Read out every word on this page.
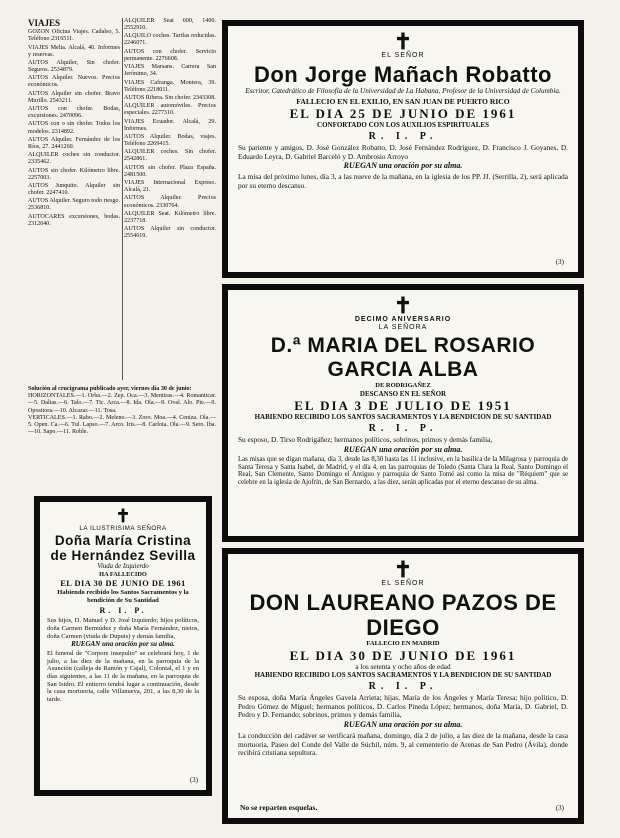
VIAJES

GOZON Oficina Viajes. Cadalso, 5. Teléfono 2316511.

VIAJES Melia. Alcalá, 40. Informes y reservas.

AUTOS Alquiler, Sin chofer. Seguros. 2534879.

AUTOS Alquiler. Nuevos. Precios económicos.

AUTOS Alquiler sin chofer. Bravo Murillo. 2543211.

AUTOS con chofer. Bodas, excursiones. 2470096.

AUTOS con o sin chofer. Todos los modelos. 2314892.

AUTOS Alquiler. Fernández de los Ríos, 27. 2441260.

ALQUILER coches sin conductor. 2335462.

AUTOS sin chofer. Kilómetro libre. 2257003.

AUTOS Junquito. Alquiler sin chofer. 2247410.

AUTOS Alquiler. Seguro todo riesgo. 2536810.

AUTOCARES excursiones, bodas. 2312040.

ALQUILER Seat 600, 1400. 2552910.

ALQUILO coches. Tarifas reducidas. 2246071.

AUTOS con chofer. Servicio permanente. 2276608.

VIAJES Marsans. Carrera San Jerónimo, 34.

VIAJES Cafranga. Montera, 39. Teléfono 2218011.

AUTOS Ribera. Sin chofer. 2343308.

ALQUILER automóviles. Precios especiales. 2277310.

VIAJES Ecuador. Alcalá, 29. Informes.

AUTOS Alquiler. Bodas, viajes. Teléfono 2269415.

ALQUILER coches. Sin chofer. 2542861.

AUTOS sin chofer. Plaza España. 2481500.

VIAJES Internacional Expreso. Alcalá, 21.

AUTOS Alquiler. Precios económicos. 2330764.

ALQUILER Seat. Kilómetro libre. 2237718.

AUTOS Alquiler sin conductor. 2554619.

Solución al crucigrama publicado ayer, viernes día 30 de junio:

HORIZONTALES.—1. Orba.—2. Zep. Oca.—3. Mentiras.—4. Romanticar.—5. Dalias.—6. Talo.—7. Tic. Arca.—8. Ida. Ola.—9. Oval. Alo. Pie.—9. Opositora.—10. Alcazar.—11. Tosa.

VERTICALES.—1. Rabo.—2. Meleno.—3. Zoro. Moa.—4. Ceniza. Ola.—5. Open. Ca.—6. Tul. Lapso.—7. Arco. Iris.—8. Carlota. Ola.—9. Sero. Iba.—10. Sapo.—11. Roble.

✝
EL SEÑOR
Don Jorge Mañach Robatto
Escritor, Catedrático de Filosofía de la Universidad de La Habana, Profesor de la Universidad de Columbia.
FALLECIO EN EL EXILIO, EN SAN JUAN DE PUERTO RICO
EL DIA 25 DE JUNIO DE 1961
CONFORTADO CON LOS AUXILIOS ESPIRITUALES
R. I. P.
Su pariente y amigos, D. José González Robatto, D. José Fernández Rodríguez, D. Francisco J. Goyanes, D. Eduardo Leyra, D. Gabriel Barceló y D. Ambrosio Arroyo
RUEGAN una oración por su alma.
La misa del próximo lunes, día 3, a las nueve de la mañana, en la iglesia de los PP. JJ. (Serrilla, 2), será aplicada por su eterno descanso.
(3)
✝
DECIMO ANIVERSARIO
LA SEÑORA
D.ª MARIA DEL ROSARIO GARCIA ALBA
DE RODRIGAÑEZ
DESCANSO EN EL SEÑOR
EL DIA 3 DE JULIO DE 1951
HABIENDO RECIBIDO LOS SANTOS SACRAMENTOS Y LA BENDICION DE SU SANTIDAD
R. I. P.
Su esposo, D. Tirso Rodrigáñez; hermanos políticos, sobrinos, primos y demás familia,
RUEGAN una oración por su alma.
Las misas que se digan mañana, día 3, desde las 8,30 hasta las 11 inclusive, en la basílica de la Milagrosa y parroquia de Santa Teresa y Santa Isabel, de Madrid, y el día 4, en las parroquias de Toledo (Santa Clara la Real, Santo Domingo el Real, San Clemente, Santo Domingo el Antiguo y parroquia de Santo Tomé así como la misa de "Réquiem" que se celebre en la iglesia de Ajofrín, de San Bernardo, a las diez, serán aplicadas por el eterno descanso de su alma.
✝
EL SEÑOR
DON LAUREANO PAZOS DE DIEGO
FALLECIO EN MADRID
EL DIA 30 DE JUNIO DE 1961
a los setenta y ocho años de edad
HABIENDO RECIBIDO LOS SANTOS SACRAMENTOS Y LA BENDICION DE SU SANTIDAD
R. I. P.
Su esposa, doña María Ángeles Gavela Arrieta; hijas, María de los Ángeles y María Teresa; hijo político, D. Pedro Gómez de Miguel; hermanos políticos, D. Carlos Pineda López; hermanos, doña María, D. Gabriel, D. Pedro y D. Fernando; sobrinos, primos y demás familia,
RUEGAN una oración por su alma.
La conducción del cadáver se verificará mañana, domingo, día 2 de julio, a las diez de la mañana, desde la casa mortuoria, Paseo del Conde del Valle de Súchil, núm. 9, al cementerio de Arenas de San Pedro (Ávila), donde recibirá cristiana sepultura.
No se reparten esquelas.	(3)
✝
LA ILUSTRISIMA SEÑORA
Doña María Cristina
de Hernández Sevilla
Viuda de Izquierdo
HA FALLECIDO
EL DIA 30 DE JUNIO DE 1961
Habiendo recibido los Santos Sacramentos y la bendición de Su Santidad
R. I. P.
Sus hijos, D. Manuel y D. José Izquierdo; hijos políticos, doña Carmen Bermúdez y doña María Fernández; nietos, doña Carmen (viuda de Dupuis) y demás familia,
RUEGAN una oración por su alma.
El funeral de "Corpore insepulto" se celebrará hoy, 1 de julio, a las diez de la mañana, en la parroquia de la Asunción (calleja de Ramón y Cajal), Colonial, el 1 y en días siguientes, a las 11 de la mañana, en la parroquia de San Isidro. El entierro tendrá lugar a continuación, desde la casa mortuoria, calle Villanueva, 201, a las 8,30 de la tarde.
(3)
